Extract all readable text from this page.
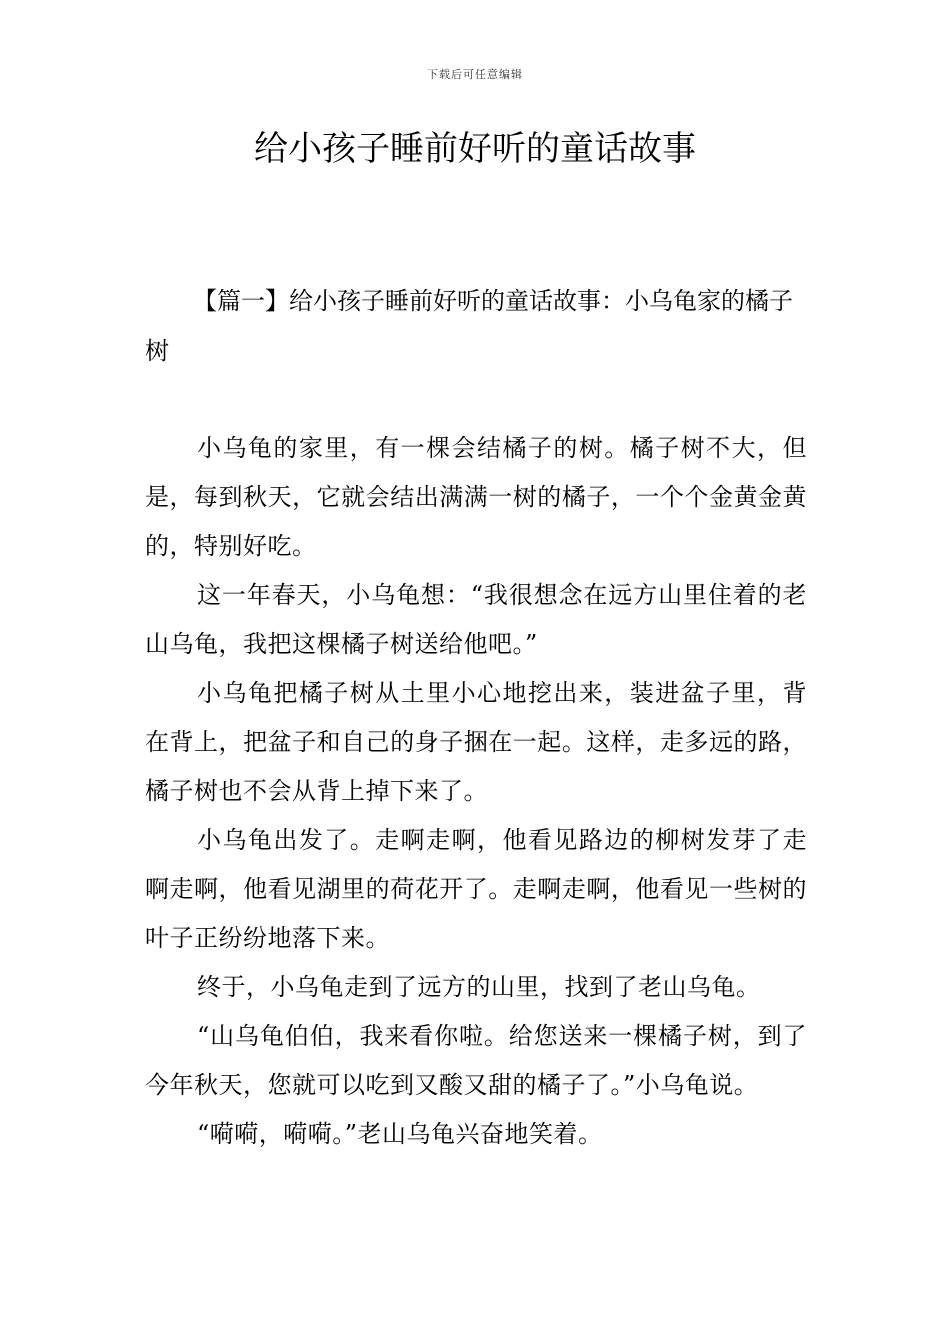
下载后可任意编辑
给小孩子睡前好听的童话故事
【篇一】给小孩子睡前好听的童话故事：小乌龟家的橘子树

小乌龟的家里，有一棵会结橘子的树。橘子树不大，但是，每到秋天，它就会结出满满一树的橘子，一个个金黄金黄的，特别好吃。

这一年春天，小乌龟想：“我很想念在远方山里住着的老山乌龟，我把这棵橘子树送给他吧。”

小乌龟把橘子树从土里小心地挖出来，装进盆子里，背在背上，把盆子和自己的身子捆在一起。这样，走多远的路，橘子树也不会从背上掉下来了。

小乌龟出发了。走啊走啊，他看见路边的柳树发芽了走啊走啊，他看见湖里的荷花开了。走啊走啊，他看见一些树的叶子正纷纷地落下来。

终于，小乌龟走到了远方的山里，找到了老山乌龟。

“山乌龟伯伯，我来看你啦。给您送来一棵橘子树，到了今年秋天，您就可以吃到又酸又甜的橘子了。”小乌龟说。

“嗬嗬，嗬嗬。”老山乌龟兴奋地笑着。
